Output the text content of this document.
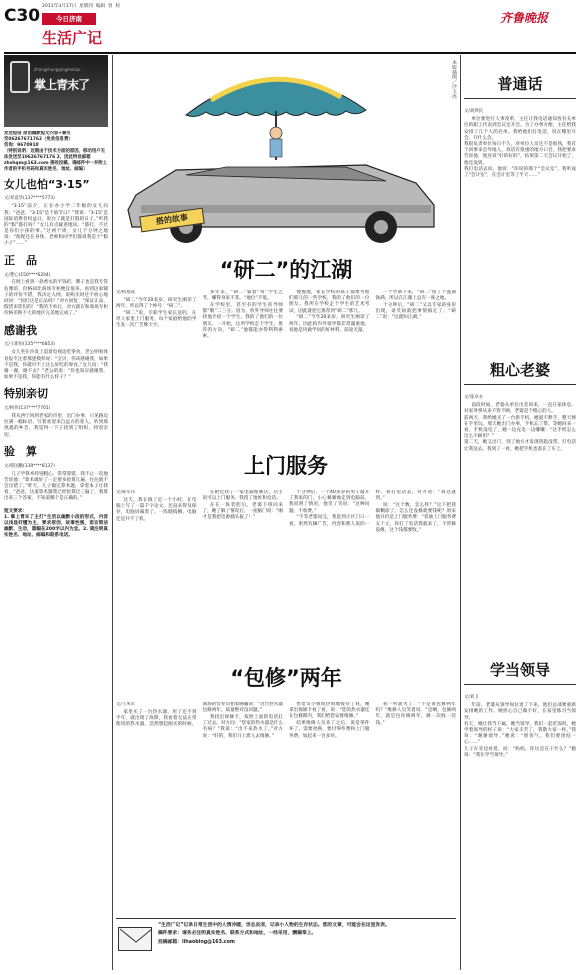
C30 2011年3月17日 星期四 编辑 曾 校
今日济南
生活广记
齐鲁晚报
zhangshangqingmoliao
掌上青末了
发送短信 原创幽默短文内容+署名
至06267671762（免收信息费）
咨询：9670910
（特别说明：近期由于技术方面的原因，移动用户无法发送至10626767176 2，因此特设邮箱 zhshqm@163.com 接收投稿，请邮件中一并附上作者的手机号码和真实姓名、地址、邮编）
女儿也怕“3·15”
文/邓爱华(137****5773)
“3·15”前夕，正在办小学二年级的女儿问我：“爸爸，“3·15”是个啥节日？”我说：“3·15”是国际消费者权益日，说白了就是打假的日子。”听我的“假”都打吗？”女儿有点疑惑地问。“都打，不过是你们小孩的事。”过两个周，女儿于分钟之地说：“咱现还在身体，老师和同学们都说我是个“假小子”……”
正　品
文/楚心(150****6204)
在网上看到一款香水的平钱折，牌子也是我专常估雅的，价格却比商场专柜便宜很多。看到这家铺子的评价不错，我决定入网，说购买时还不放心地同问：“你们这是正品吗？”对方回复：“保证正品，假货来您们的！”我的下单后，对方就在和商场专柜价格差距不大的地区完美地完成了。”
感谢我
文/王新恒(135****6853)
女儿坐在沙发上追着电视边吃零食，老公则看体育报专注着那瓷模样说：“宝贝，你该感谢我，如果不是我，你就可不上这么好吃的零食。”女儿问：“我谢一谢，谢不去？”老公的说：“你也知应感谢我，如果不是我，你能有什么样子？”
特别亲切
文/杨伟(137****7701)
我从西宁回到老家的市里，出门办事，只见路边拉满一幅标语，写着欢迎来自远方的客人。听到那熟悉的乡音，我觉得一下子找到了组织，特别亲切。
验　算
文/邢国鹏(139****8137)
儿子学算术特别粗心，常常算错，我不止一次地告诉他：“算术做好了一定要多验算几遍，往往就不会出错了。”昨天，儿子做完算术题，拿着本子让我看，“爸爸，这道算术题我已经验算过三遍了，我算出来三个答案，不知道哪个是正确的。”
短文要求：
1. 掌上青末了主打“生活以幽默小段的形式，内容以浅显好懂为主，要求原创、故事性强，语言简洁幽默、生动，篇幅在200字以内为宜。2. 请注明真实姓名、地址、邮编和联系电话。
搭的故事
本版插图／沙玉亮
“研二”的江湖
文/杨福成

“研二”今年20来岁，研究生刚读了两年，所以得了个绰号：“研二”。

“研二”说，专职学生家长送的，在坦人家里上门服务，每个家庭给他的学生发一次广告牌大字。

多年来，“研二”靠着“每”学生艺考，赚得身家不菲。“地位”不低。

在学校里，甚至有的学生的导师都“敬”二三分。因为，校外导师往往要找他介绍一个学生，我的了他们的一位朋友，一开始，这所学校走个学生，推荐的方向，“研二”他都能办得利利索索。

慢慢地，家长学校的孩子都要考他们那儿的一些学校，我的了他们的一位朋友。我所在学校走个学生的艺术考试，因此就把它推荐到“研二”那儿。

“研二”今年20来岁，研究生刚读了两年，因此校内外领导都非常器重他，说他是块做学问的好材料，前途无量。

一个学期下来，“研二”捞了个盆满钵满，所以在江湖上总有一席之地。

十分钟后，“研二”又以专家的身份出现，谈笑间就把事情搞定了。“研二”说：“这就叫江湖。”

上门服务
文/郝军伟

这天，我在镇了近一个小时，在电脑上写了一篇千字论文，还没来得及保存，电脑屏幕黑了。一阵瞎捣腾，电脑还是开不了机。

在附近找了一家电脑维修店，店主说可以上门服务。我留了地址和电话。

在在一阵装腔后，老婆下班回来了，她了解了情况后，一拍脑门说：“刚才是我把电源插头拔了！”

十分钟后，一个40多岁的男子敲开了我家的门，小心翼翼地走到电脑前，我说明了情况，他笑了笑说：“这种问题，不收费。”

“不等老婆说完，我赶到小区门口一看，果然有辆广告，内容和那人说的一样。我打电话去，对方说：“我这就到。”

说：“这个数，怎么样？”这下把我搞糊涂了，怎么还没修就要钱呢？原来他开价是上门服务费：“普通上门服务费五十元，你打了电话我就来了，不管修没修，这个钱都要收。”

“包修”两年
文/王凤军

家里买了一台热水器，用了还不到半年，就出现了故障，我看着无法正常使用的热水器，忽然想起刚买的时候，商场的营业员拍着胸脯说：“这台热水器包修两年，质量绝对没问题。”

我找出保修卡，按照上面的电话打了过去。对方问：“您家的热水器是什么毛病？”我说：“出不来热水了。”对方说：“好的，我们马上派人去维修。”

售货员小姐很热情地接待了我，她拿出保修卡看了看，说：“您的热水器还在包修期内，我们给您安排维修。”

结果维修人员来了之后，说是零件坏了，需要更换，要付零件费和上门服务费，加起来一百多块。

我一听就火了：“不是说包修两年吗？”维修人员笑着说：“是啊，包修两年，就是包你修两年，修一次收一次钱。”

“生活广记”记录日常生活中的人情冷暖、世态炎凉，记录小人物的生存状态。您的文章，可能会在这里发表。
稿件要求：请务必注明真实姓名、联系方式和地址，一经采用，酬稿奉上。
投稿邮箱：lihaobing@163.com
普通话
文/胡择民
单位要进行人事改革，主任让我电话通知各有关单位的职工代表到会议室开会。为了办事方便，主任给我安排了几个人的名单。我给他们打电话，说在哪里开会，开什么会。
我很负责单位每日不久，对单位人员还不是很熟，我有个同事来是外地人，说话有很重的地方口音。我把要求告诉他，他连说“好的好的”，结果第二天会议开始了，他还没到。
我打电话去问，他说：“你说的那个“会议室”，我听成了“会计室”，在会计室等了半天……”
粗心老婆
文/张卓永
前段时间，老婆从单位出差回来，一直在家休息，对家务事从来不管不顾，老婆是个粗心的人。
前两天，我给她买了一台新手机，她爱不释手，整天捧在手里玩。那天她出门办事，手机忘了带。等她回来一看，手机没电了，她一边充电一边嘟囔：“这手机怎么这么不耐用？”
第二天，她又出门，到了地方才发现钥匙没带，打电话让我送去。我到了一看，她把手机也落在了车上。
学当领导
文/刘卫
年前，老婆从领导岗位退了下来，他们总部要重新安排她的工作。她担心自己做不好，在家里练习当领导。
有天，她让我当下属，她当领导，我们一起吃饭时，她学着领导的样子说：“大家辛苦了，我敬大家一杯。”我说：“谢谢领导。”她说：“别客气，我们要团结一心……”
儿子在旁边看着，问：“妈妈，你这是在干什么？”她说：“我在学当领导。”
